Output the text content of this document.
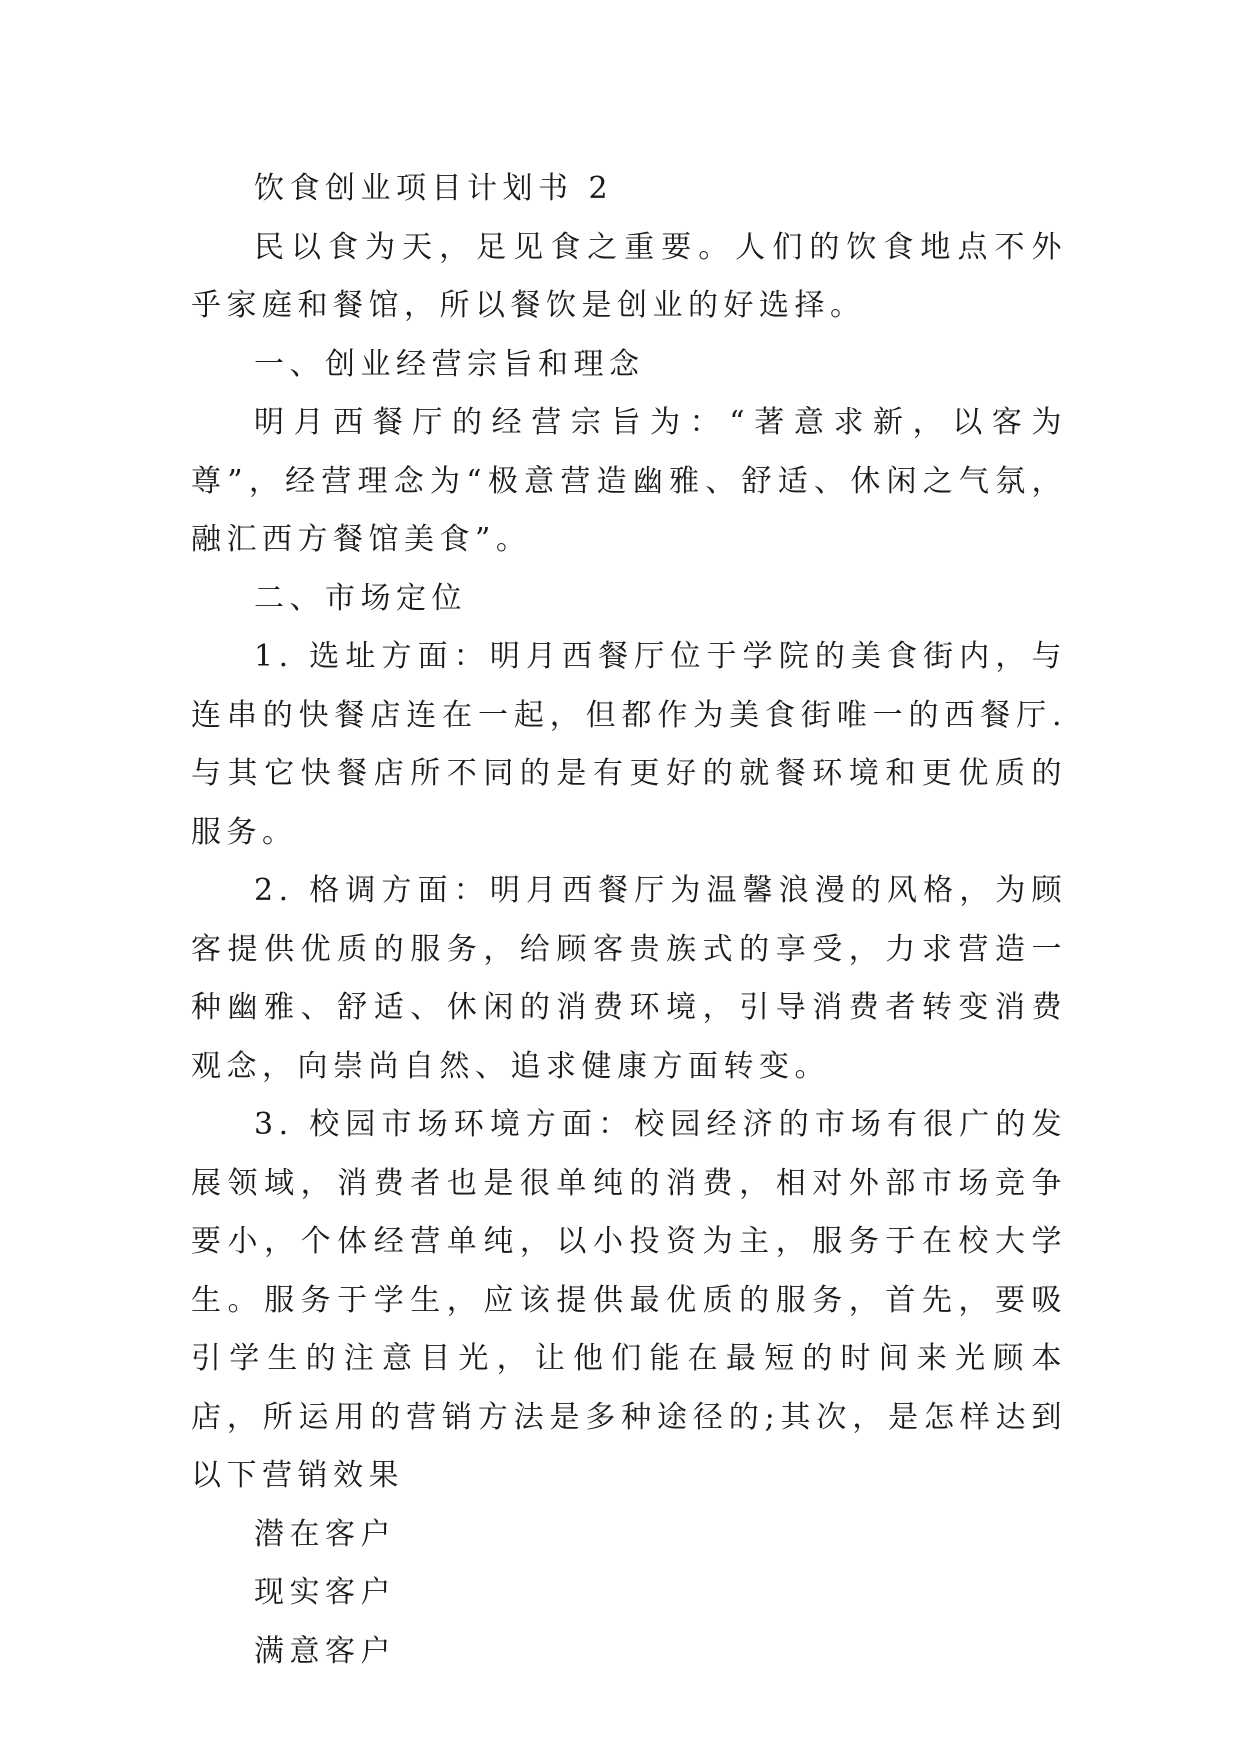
饮食创业项目计划书 2

民以食为天，足见食之重要。人们的饮食地点不外乎家庭和餐馆，所以餐饮是创业的好选择。

一、创业经营宗旨和理念

明月西餐厅的经营宗旨为：“著意求新，以客为尊”，经营理念为“极意营造幽雅、舒适、休闲之气氛，融汇西方餐馆美食”。

二、市场定位

1. 选址方面：明月西餐厅位于学院的美食街内，与连串的快餐店连在一起，但都作为美食街唯一的西餐厅. 与其它快餐店所不同的是有更好的就餐环境和更优质的服务。

2. 格调方面：明月西餐厅为温馨浪漫的风格，为顾客提供优质的服务，给顾客贵族式的享受，力求营造一种幽雅、舒适、休闲的消费环境，引导消费者转变消费观念，向崇尚自然、追求健康方面转变。

3. 校园市场环境方面：校园经济的市场有很广的发展领域，消费者也是很单纯的消费，相对外部市场竞争要小，个体经营单纯，以小投资为主，服务于在校大学生。服务于学生，应该提供最优质的服务，首先，要吸引学生的注意目光，让他们能在最短的时间来光顾本店，所运用的营销方法是多种途径的;其次，是怎样达到以下营销效果

潜在客户

现实客户

满意客户
